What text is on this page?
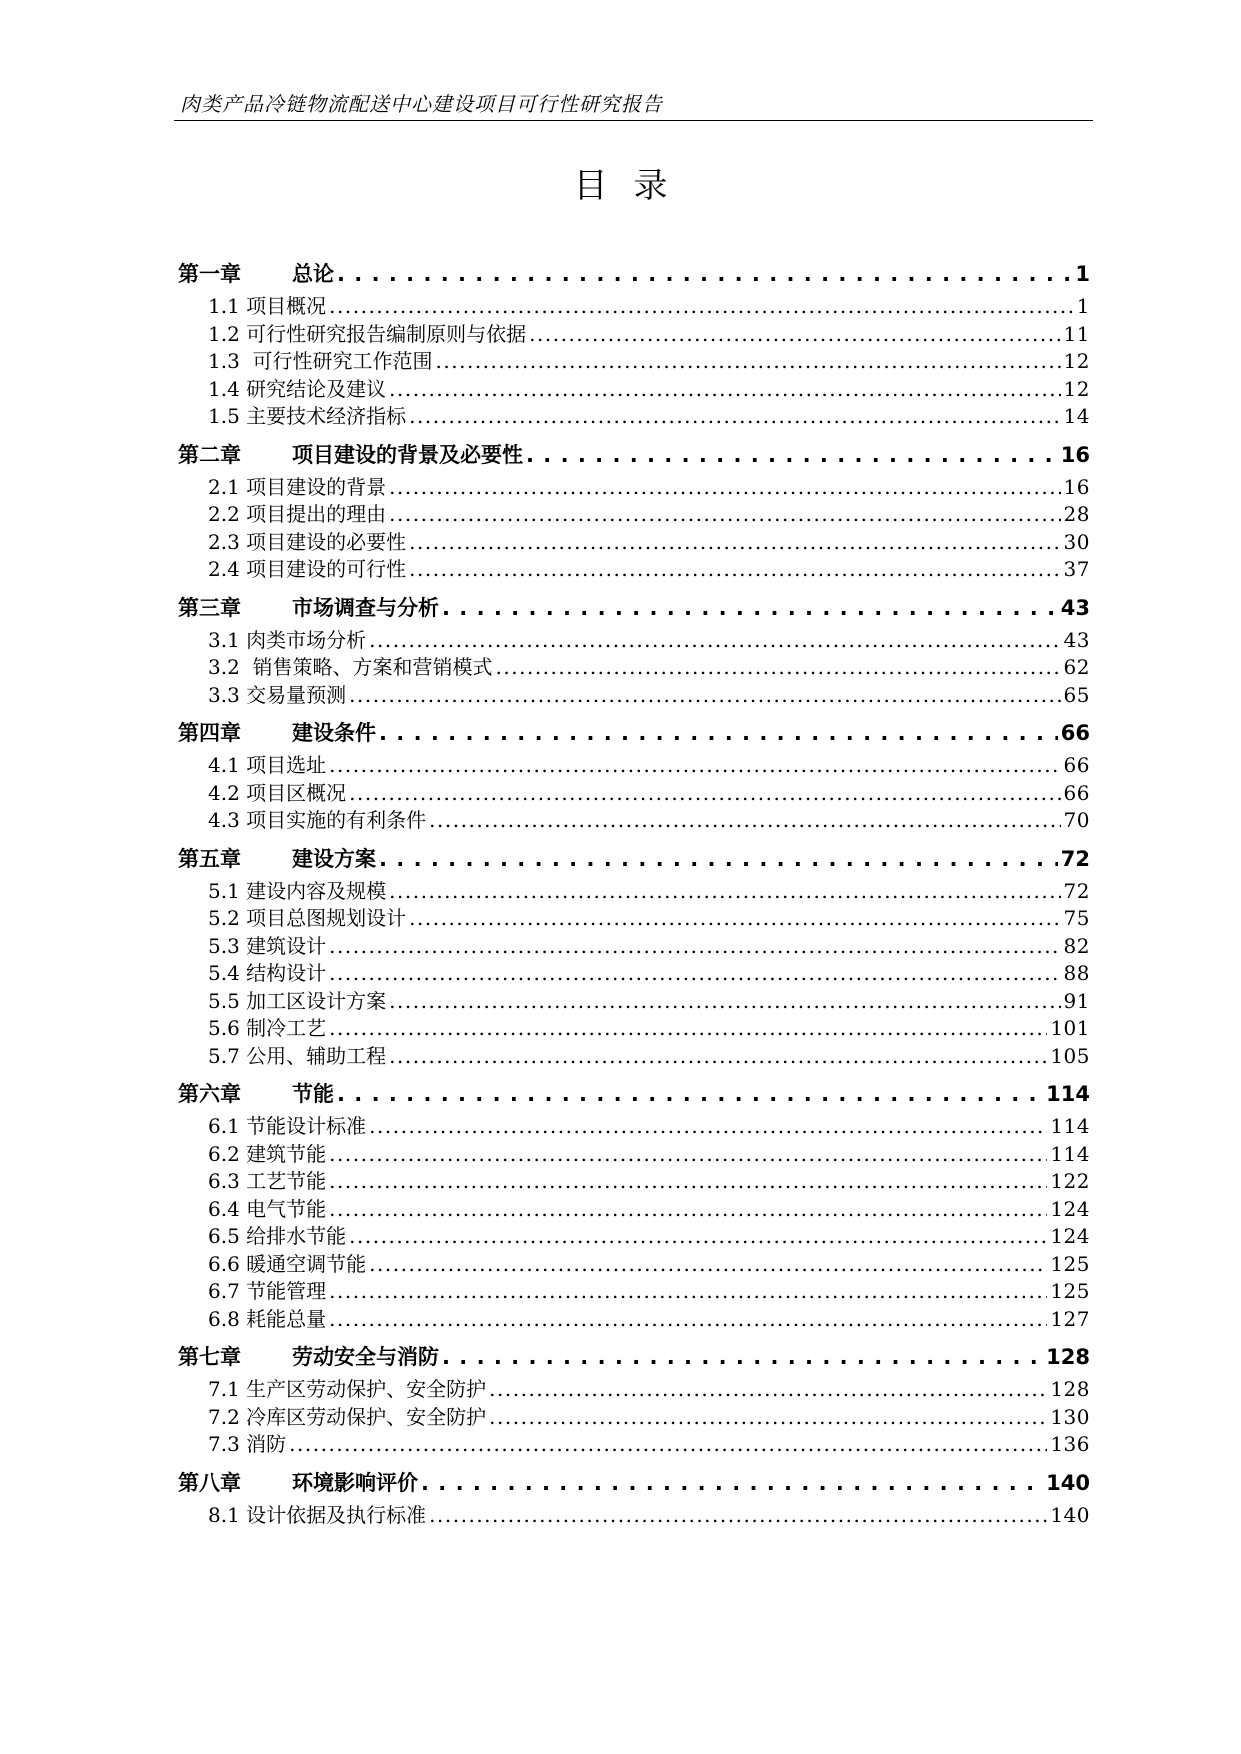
肉类产品冷链物流配送中心建设项目可行性研究报告
目录
第一章	总论 . . .	1
1.1 项目概况 .....	1
1.2 可行性研究报告编制原则与依据 .....	11
1.3  可行性研究工作范围 .....	12
1.4 研究结论及建议 .....	12
1.5 主要技术经济指标 .....	14
第二章	项目建设的背景及必要性 . . .	16
2.1 项目建设的背景 .....	16
2.2 项目提出的理由 .....	28
2.3 项目建设的必要性 .....	30
2.4 项目建设的可行性 .....	37
第三章	市场调查与分析 . . .	43
3.1 肉类市场分析 .....	43
3.2  销售策略、方案和营销模式 .....	62
3.3 交易量预测 .....	65
第四章	建设条件 . . .	66
4.1 项目选址 .....	66
4.2 项目区概况 .....	66
4.3 项目实施的有利条件 .....	70
第五章	建设方案 . . .	72
5.1 建设内容及规模 .....	72
5.2 项目总图规划设计 .....	75
5.3 建筑设计 .....	82
5.4 结构设计 .....	88
5.5 加工区设计方案 .....	91
5.6 制冷工艺 .....	101
5.7 公用、辅助工程 .....	105
第六章	节能 . . .	114
6.1 节能设计标准 .....	114
6.2 建筑节能 .....	114
6.3 工艺节能 .....	122
6.4 电气节能 .....	124
6.5 给排水节能 .....	124
6.6 暖通空调节能 .....	125
6.7 节能管理 .....	125
6.8 耗能总量 .....	127
第七章	劳动安全与消防 . . .	128
7.1 生产区劳动保护、安全防护 .....	128
7.2 冷库区劳动保护、安全防护 .....	130
7.3 消防 .....	136
第八章	环境影响评价 . . .	140
8.1 设计依据及执行标准 .....	140
